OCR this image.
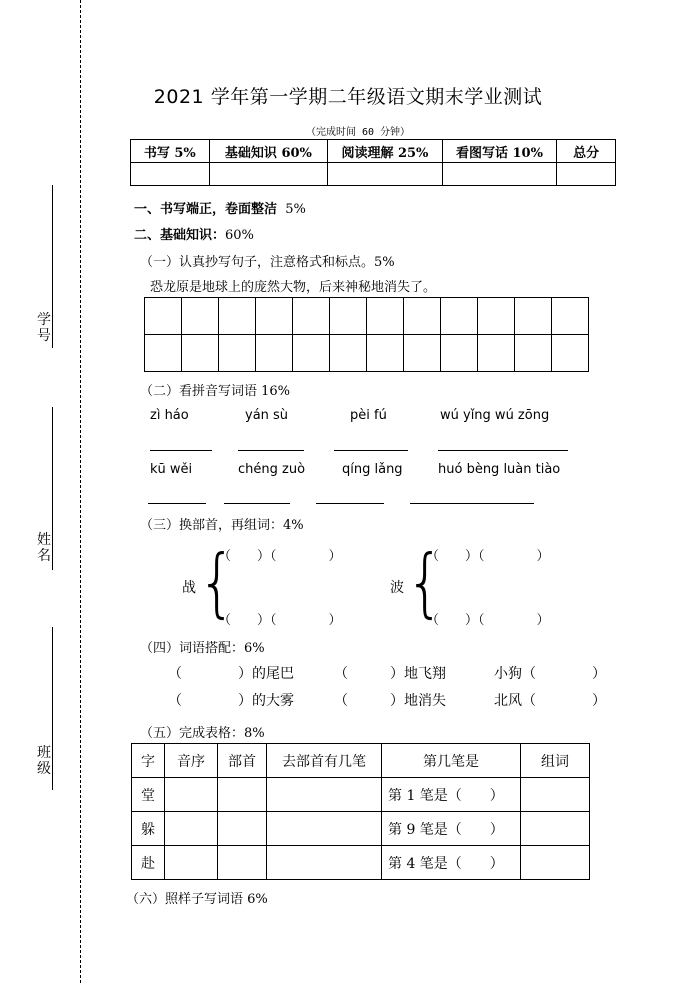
学号
姓名
班级
2021 学年第一学期二年级语文期末学业测试
（完成时间 60 分钟）
书写 5%	基础知识 60%	阅读理解 25%	看图写话 10%	总分

一、书写端正，卷面整洁 5%
二、基础知识：60%
（一）认真抄写句子，注意格式和标点。5%
恐龙原是地球上的庞然大物，后来神秘地消失了。

（二）看拼音写词语 16%
zì háo	yán sù	pèi fú	wú yǐng wú zōng
kū wěi	chéng zuò	qíng lǎng	huó bèng luàn tiào
（三）换部首，再组词：4%
战 {
（　　）（　　　　）
（　　）（　　　　）
波 {
（　　）（　　　　）
（　　）（　　　　）
（四）词语搭配：6%
（　　　　）的尾巴	（　　　）地飞翔	小狗（　　　　）
（　　　　）的大雾	（　　　）地消失	北风（　　　　）
（五）完成表格：8%
字	音序	部首	去部首有几笔	第几笔是	组词
堂				第 1 笔是（　　）	
躲				第 9 笔是（　　）	
赴				第 4 笔是（　　）	
（六）照样子写词语 6%
